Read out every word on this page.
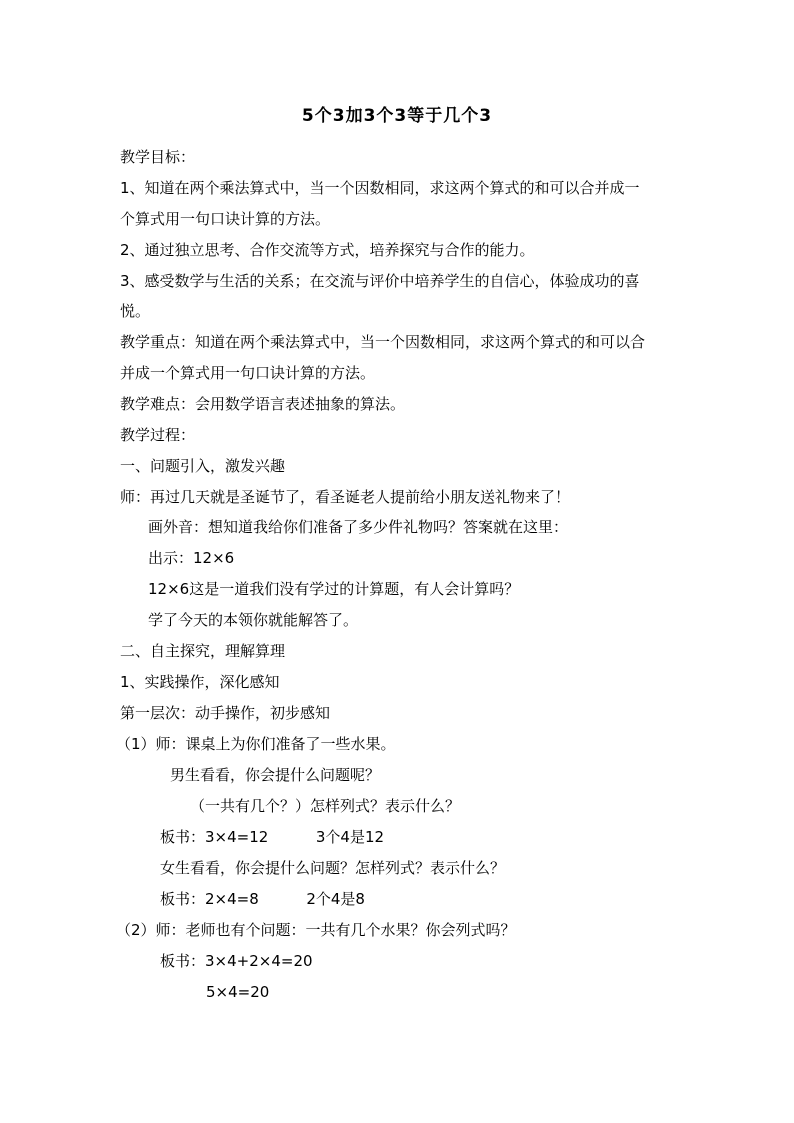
5个3加3个3等于几个3
教学目标：
1、知道在两个乘法算式中，当一个因数相同，求这两个算式的和可以合并成一
个算式用一句口诀计算的方法。
2、通过独立思考、合作交流等方式，培养探究与合作的能力。
3、感受数学与生活的关系；在交流与评价中培养学生的自信心，体验成功的喜
悦。
教学重点：知道在两个乘法算式中，当一个因数相同，求这两个算式的和可以合
并成一个算式用一句口诀计算的方法。
教学难点：会用数学语言表述抽象的算法。
教学过程：
一、问题引入，激发兴趣
师：再过几天就是圣诞节了，看圣诞老人提前给小朋友送礼物来了！
画外音：想知道我给你们准备了多少件礼物吗？答案就在这里：
出示：12×6
12×6这是一道我们没有学过的计算题，有人会计算吗？
学了今天的本领你就能解答了。
二、自主探究，理解算理
1、实践操作，深化感知
第一层次：动手操作，初步感知
（1）师：课桌上为你们准备了一些水果。
男生看看，你会提什么问题呢？
（一共有几个？）怎样列式？表示什么？
板书：3×4=12	3个4是12
女生看看，你会提什么问题？怎样列式？表示什么？
板书：2×4=8	2个4是8
（2）师：老师也有个问题：一共有几个水果？你会列式吗？
板书：3×4+2×4=20
5×4=20
